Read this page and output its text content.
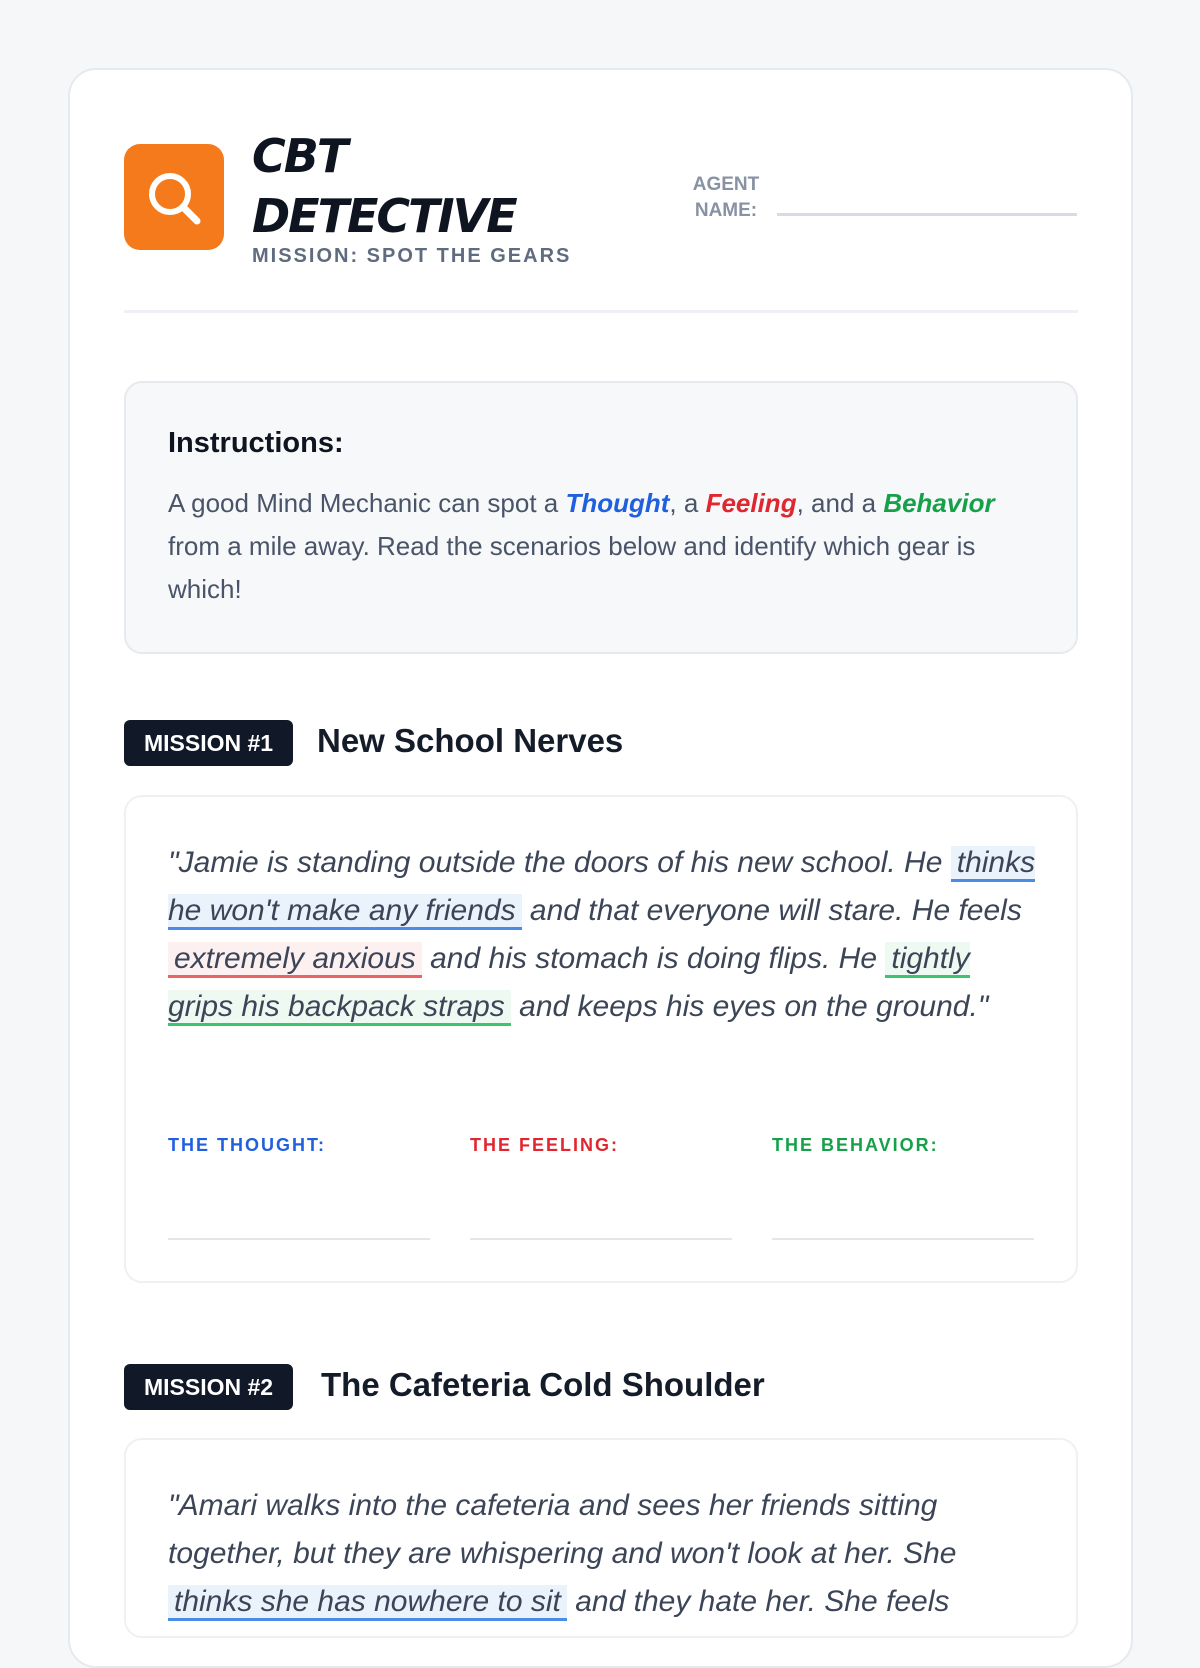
CBT DETECTIVE
MISSION: SPOT THE GEARS
AGENT NAME:
Instructions:

A good Mind Mechanic can spot a Thought, a Feeling, and a Behavior from a mile away. Read the scenarios below and identify which gear is which!

MISSION #1	New School Nerves

"Jamie is standing outside the doors of his new school. He thinks he won't make any friends and that everyone will stare. He feels extremely anxious and his stomach is doing flips. He tightly grips his backpack straps and keeps his eyes on the ground."

THE THOUGHT:	THE FEELING:	THE BEHAVIOR:
MISSION #2	The Cafeteria Cold Shoulder

"Amari walks into the cafeteria and sees her friends sitting together, but they are whispering and won't look at her. She thinks she has nowhere to sit and they hate her. She feels
